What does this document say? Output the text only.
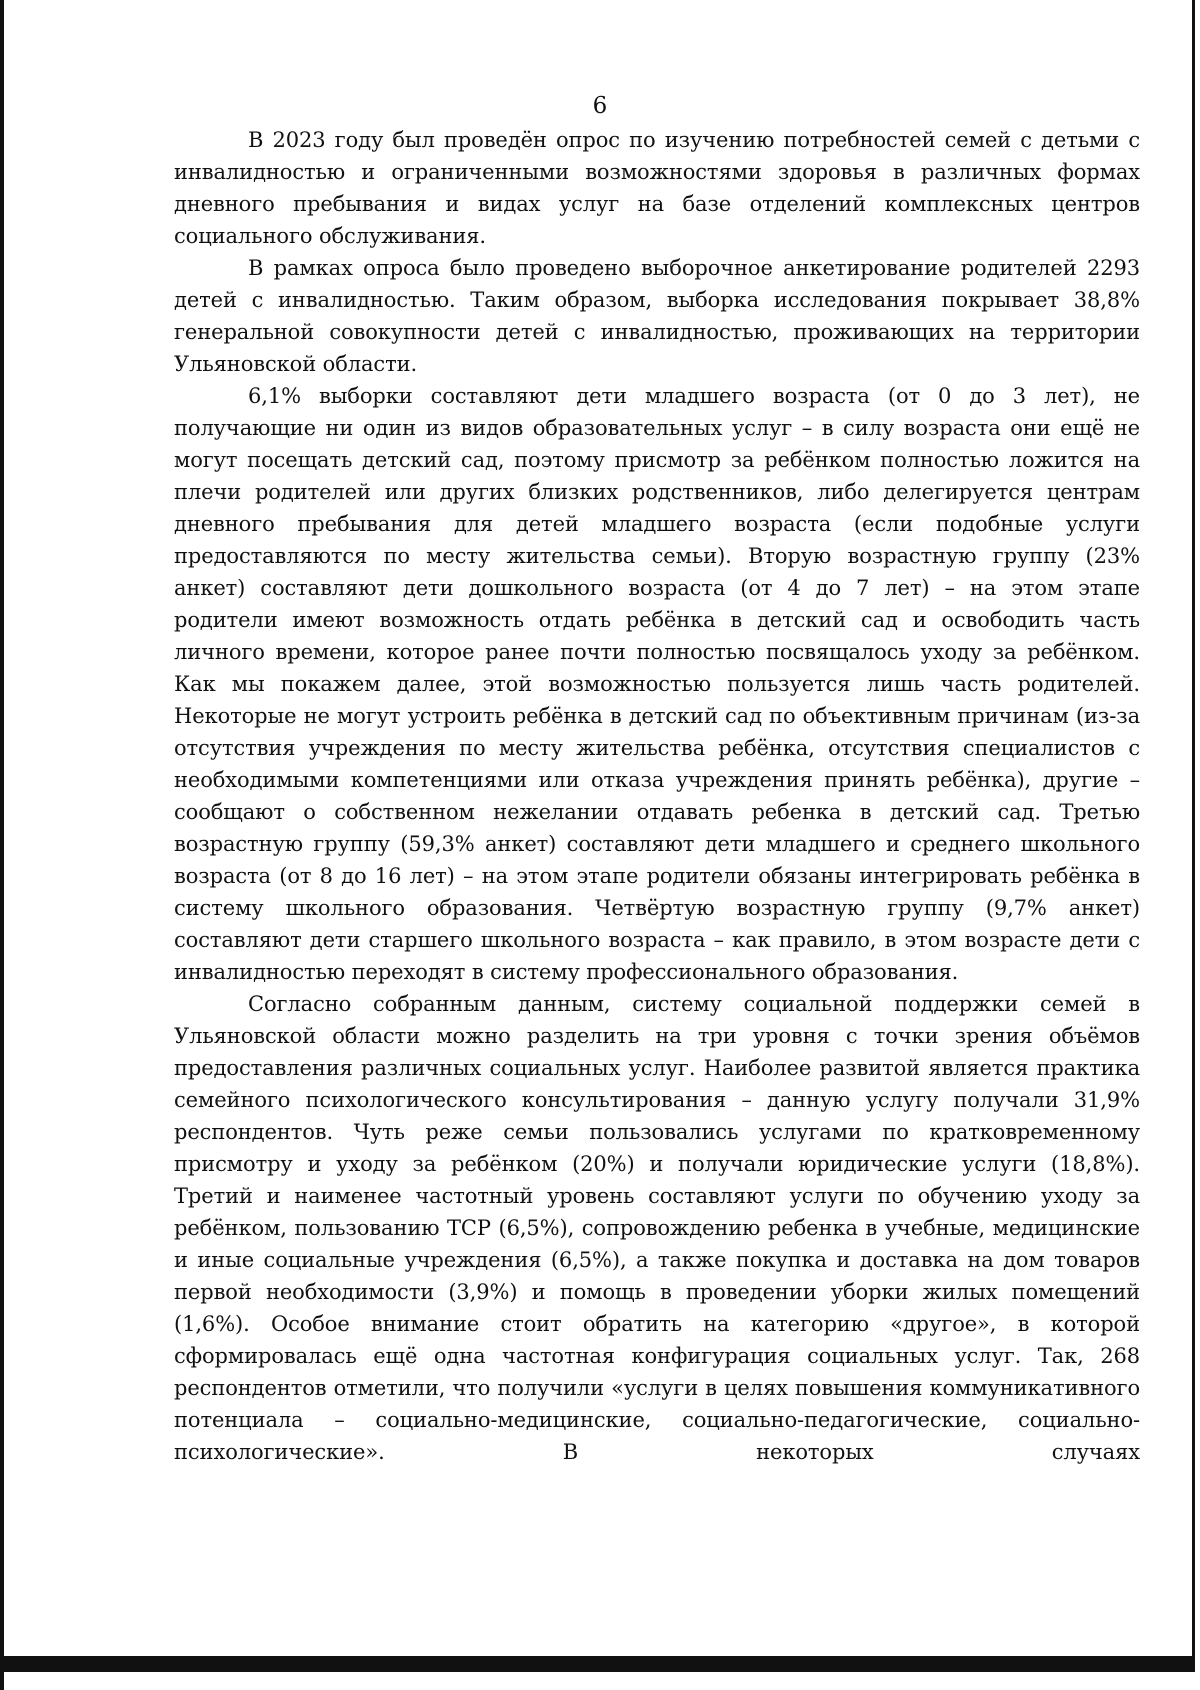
6

В 2023 году был проведён опрос по изучению потребностей семей с детьми с инвалидностью и ограниченными возможностями здоровья в различных формах дневного пребывания и видах услуг на базе отделений комплексных центров социального обслуживания.

В рамках опроса было проведено выборочное анкетирование родителей 2293 детей с инвалидностью. Таким образом, выборка исследования покрывает 38,8% генеральной совокупности детей с инвалидностью, проживающих на территории Ульяновской области.

6,1% выборки составляют дети младшего возраста (от 0 до 3 лет), не получающие ни один из видов образовательных услуг – в силу возраста они ещё не могут посещать детский сад, поэтому присмотр за ребёнком полностью ложится на плечи родителей или других близких родственников, либо делегируется центрам дневного пребывания для детей младшего возраста (если подобные услуги предоставляются по месту жительства семьи). Вторую возрастную группу (23% анкет) составляют дети дошкольного возраста (от 4 до 7 лет) – на этом этапе родители имеют возможность отдать ребёнка в детский сад и освободить часть личного времени, которое ранее почти полностью посвящалось уходу за ребёнком. Как мы покажем далее, этой возможностью пользуется лишь часть родителей. Некоторые не могут устроить ребёнка в детский сад по объективным причинам (из-за отсутствия учреждения по месту жительства ребёнка, отсутствия специалистов с необходимыми компетенциями или отказа учреждения принять ребёнка), другие – сообщают о собственном нежелании отдавать ребенка в детский сад. Третью возрастную группу (59,3% анкет) составляют дети младшего и среднего школьного возраста (от 8 до 16 лет) – на этом этапе родители обязаны интегрировать ребёнка в систему школьного образования. Четвёртую возрастную группу (9,7% анкет) составляют дети старшего школьного возраста – как правило, в этом возрасте дети с инвалидностью переходят в систему профессионального образования.

Согласно собранным данным, систему социальной поддержки семей в Ульяновской области можно разделить на три уровня с точки зрения объёмов предоставления различных социальных услуг. Наиболее развитой является практика семейного психологического консультирования – данную услугу получали 31,9% респондентов. Чуть реже семьи пользовались услугами по кратковременному присмотру и уходу за ребёнком (20%) и получали юридические услуги (18,8%). Третий и наименее частотный уровень составляют услуги по обучению уходу за ребёнком, пользованию ТСР (6,5%), сопровождению ребенка в учебные, медицинские и иные социальные учреждения (6,5%), а также покупка и доставка на дом товаров первой необходимости (3,9%) и помощь в проведении уборки жилых помещений (1,6%). Особое внимание стоит обратить на категорию «другое», в которой сформировалась ещё одна частотная конфигурация социальных услуг. Так, 268 респондентов отметили, что получили «услуги в целях повышения коммуникативного потенциала – социально-медицинские, социально-педагогические, социально-психологические». В некоторых случаях
